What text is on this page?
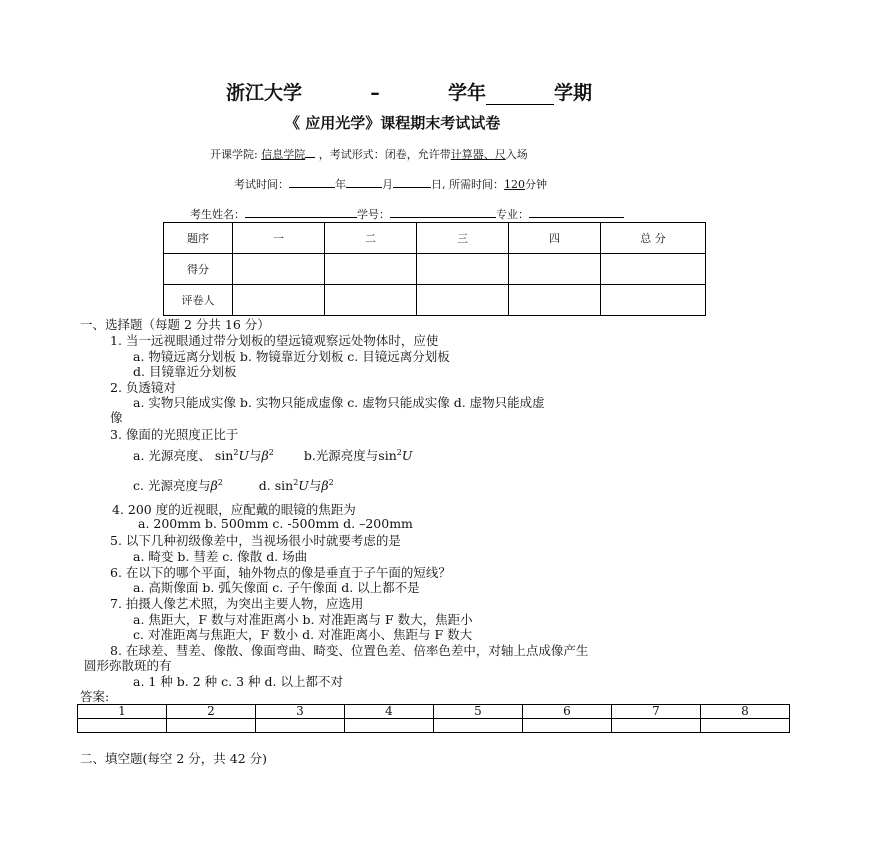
浙江大学	–	学年	学期
《 应用光学》课程期末考试试卷
开课学院: 信息学院 ，考试形式：闭卷，允许带计算器、尺入场
考试时间：	年	月	日, 所需时间：120分钟
考生姓名：	学号：	专业：
题序	一	二	三	四	总 分
得分					
评卷人					
一、选择题（每题 2 分共 16 分）
1. 当一远视眼通过带分划板的望远镜观察远处物体时，应使
a. 物镜远离分划板 b. 物镜靠近分划板 c. 目镜远离分划板
d. 目镜靠近分划板
2. 负透镜对
a. 实物只能成实像 b. 实物只能成虚像 c. 虚物只能成实像 d. 虚物只能成虚
像
3. 像面的光照度正比于
a. 光源亮度、 $\sin^2U$与$\beta^2$ b.光源亮度与$\sin^2U$
c. 光源亮度与$\beta^2$	d. $\sin^2U$与$\beta^2$
4. 200 度的近视眼，应配戴的眼镜的焦距为
a. 200mm b. 500mm c. -500mm d. –200mm
5. 以下几种初级像差中，当视场很小时就要考虑的是
a. 畸变 b. 彗差 c. 像散 d. 场曲
6. 在以下的哪个平面，轴外物点的像是垂直于子午面的短线？
a. 高斯像面 b. 弧矢像面 c. 子午像面 d. 以上都不是
7. 拍摄人像艺术照，为突出主要人物，应选用
a. 焦距大，F 数与对准距离小 b. 对准距离与 F 数大，焦距小
c. 对准距离与焦距大，F 数小 d. 对准距离小、焦距与 F 数大
8. 在球差、彗差、像散、像面弯曲、畸变、位置色差、倍率色差中，对轴上点成像产生
圆形弥散斑的有
a. 1 种 b. 2 种 c. 3 种 d. 以上都不对
答案:
1	2	3	4	5	6	7	8

二、填空题(每空 2 分，共 42 分)
